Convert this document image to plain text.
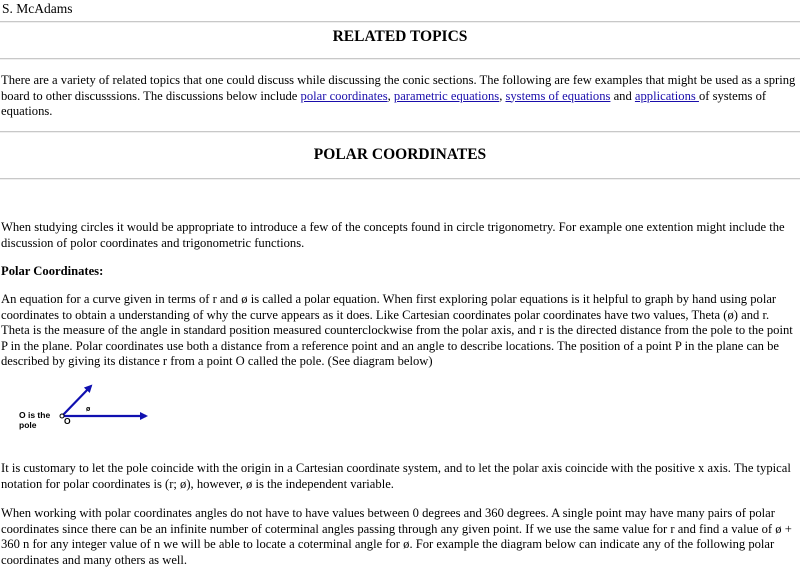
S. McAdams
RELATED TOPICS
There are a variety of related topics that one could discuss while discussing the conic sections. The following are few examples that might be used as a spring board to other discusssions. The discussions below include polar coordinates, parametric equations, systems of equations and applications of systems of equations.
POLAR COORDINATES
When studying circles it would be appropriate to introduce a few of the concepts found in circle trigonometry. For example one extention might include the discussion of polor coordinates and trigonometric functions.
Polar Coordinates:
An equation for a curve given in terms of r and ø is called a polar equation. When first exploring polar equations is it helpful to graph by hand using polar coordinates to obtain a understanding of why the curve appears as it does. Like Cartesian coordinates polar coordinates have two values, Theta (ø) and r. Theta is the measure of the angle in standard position measured counterclockwise from the polar axis, and r is the directed distance from the pole to the point P in the plane. Polar coordinates use both a distance from a reference point and an angle to describe locations. The position of a point P in the plane can be described by giving its distance r from a point O called the pole. (See diagram below)
O is the
pole	O
ø
It is customary to let the pole coincide with the origin in a Cartesian coordinate system, and to let the polar axis coincide with the positive x axis. The typical notation for polar coordinates is (r; ø), however, ø is the independent variable.
When working with polar coordinates angles do not have to have values between 0 degrees and 360 degrees. A single point may have many pairs of polar coordinates since there can be an infinite number of coterminal angles passing through any given point. If we use the same value for r and find a value of ø + 360 n for any integer value of n we will be able to locate a coterminal angle for ø. For example the diagram below can indicate any of the following polar coordinates and many others as well.
